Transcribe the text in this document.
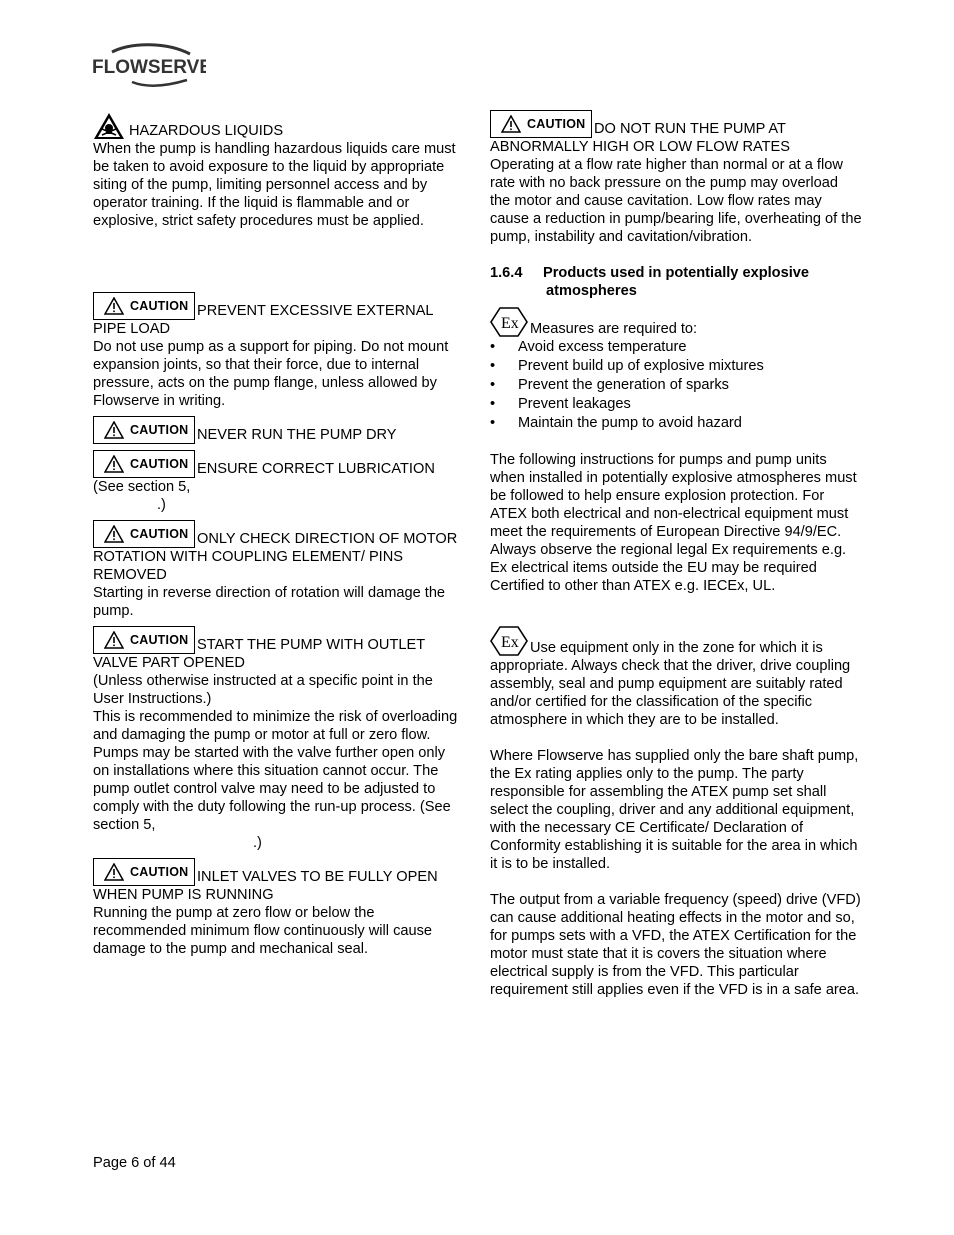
FLOWSERVE

HAZARDOUS LIQUIDS

When the pump is handling hazardous liquids care must be taken to avoid exposure to the liquid by appropriate siting of the pump, limiting personnel access and by operator training. If the liquid is flammable and or explosive, strict safety procedures must be applied.

CAUTION PREVENT EXCESSIVE EXTERNAL PIPE LOAD

Do not use pump as a support for piping. Do not mount expansion joints, so that their force, due to internal pressure, acts on the pump flange, unless allowed by Flowserve in writing.

CAUTION NEVER RUN THE PUMP DRY

CAUTION ENSURE CORRECT LUBRICATION

(See section 5,

.)

CAUTION ONLY CHECK DIRECTION OF MOTOR ROTATION WITH COUPLING ELEMENT/ PINS REMOVED

Starting in reverse direction of rotation will damage the pump.

CAUTION START THE PUMP WITH OUTLET VALVE PART OPENED

(Unless otherwise instructed at a specific point in the User Instructions.)

This is recommended to minimize the risk of overloading and damaging the pump or motor at full or zero flow. Pumps may be started with the valve further open only on installations where this situation cannot occur. The pump outlet control valve may need to be adjusted to comply with the duty following the run-up process. (See section 5,

.)

CAUTION INLET VALVES TO BE FULLY OPEN WHEN PUMP IS RUNNING

Running the pump at zero flow or below the recommended minimum flow continuously will cause damage to the pump and mechanical seal.

CAUTION DO NOT RUN THE PUMP AT ABNORMALLY HIGH OR LOW FLOW RATES

Operating at a flow rate higher than normal or at a flow rate with no back pressure on the pump may overload the motor and cause cavitation. Low flow rates may cause a reduction in pump/bearing life, overheating of the pump, instability and cavitation/vibration.

1.6.4 Products used in potentially explosive
atmospheres

Ex Measures are required to:

• Avoid excess temperature
• Prevent build up of explosive mixtures
• Prevent the generation of sparks
• Prevent leakages
• Maintain the pump to avoid hazard

The following instructions for pumps and pump units when installed in potentially explosive atmospheres must be followed to help ensure explosion protection. For ATEX both electrical and non-electrical equipment must meet the requirements of European Directive 94/9/EC. Always observe the regional legal Ex requirements e.g. Ex electrical items outside the EU may be required Certified to other than ATEX e.g. IECEx, UL.

Ex Use equipment only in the zone for which it is appropriate. Always check that the driver, drive coupling assembly, seal and pump equipment are suitably rated and/or certified for the classification of the specific atmosphere in which they are to be installed.

Where Flowserve has supplied only the bare shaft pump, the Ex rating applies only to the pump. The party responsible for assembling the ATEX pump set shall select the coupling, driver and any additional equipment, with the necessary CE Certificate/ Declaration of Conformity establishing it is suitable for the area in which it is to be installed.

The output from a variable frequency (speed) drive (VFD) can cause additional heating effects in the motor and so, for pumps sets with a VFD, the ATEX Certification for the motor must state that it is covers the situation where electrical supply is from the VFD. This particular requirement still applies even if the VFD is in a safe area.

Page 6 of 44
